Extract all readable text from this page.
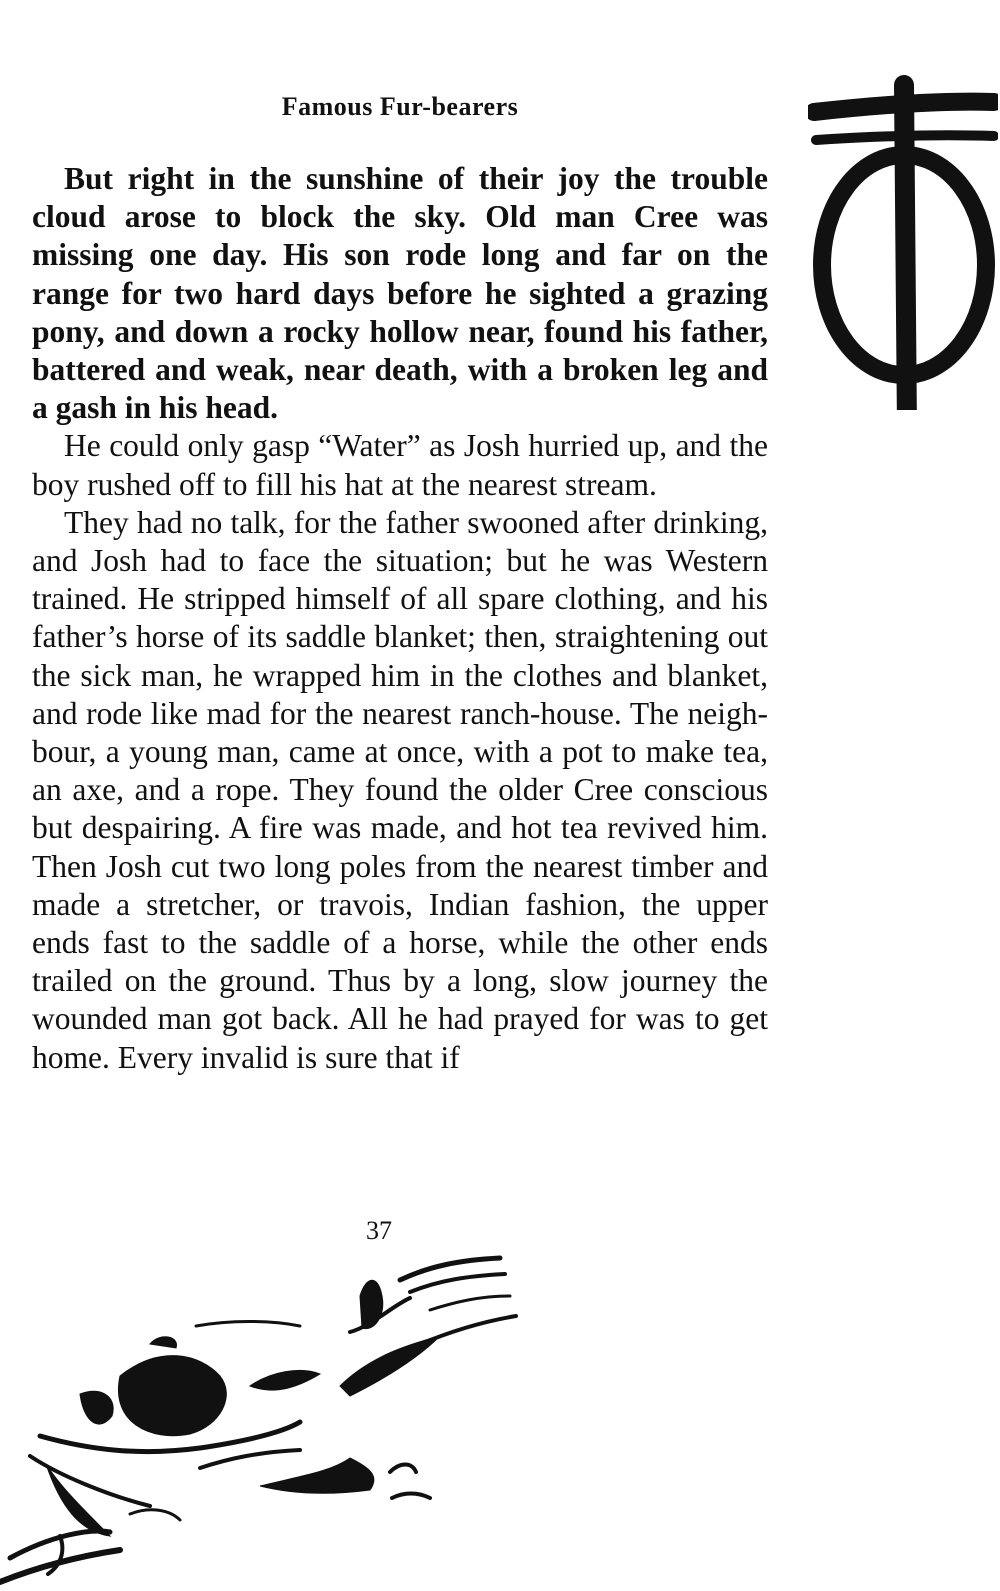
Famous Fur-bearers

But right in the sunshine of their joy the trouble cloud arose to block the sky. Old man Cree was missing one day. His son rode long and far on the range for two hard days before he sighted a grazing pony, and down a rocky hollow near, found his father, battered and weak, near death, with a broken leg and a gash in his head.

He could only gasp “Water” as Josh hurried up, and the boy rushed off to fill his hat at the nearest stream.

They had no talk, for the father swooned after drinking, and Josh had to face the situation; but he was Western trained. He stripped himself of all spare clothing, and his father’s horse of its saddle blanket; then, straightening out the sick man, he wrapped him in the clothes and blanket, and rode like mad for the nearest ranch-house. The neighbour, a young man, came at once, with a pot to make tea, an axe, and a rope. They found the older Cree conscious but despairing. A fire was made, and hot tea revived him. Then Josh cut two long poles from the nearest timber and made a stretcher, or travois, Indian fashion, the upper ends fast to the saddle of a horse, while the other ends trailed on the ground. Thus by a long, slow journey the wounded man got back. All he had prayed for was to get home. Every invalid is sure that if

37
